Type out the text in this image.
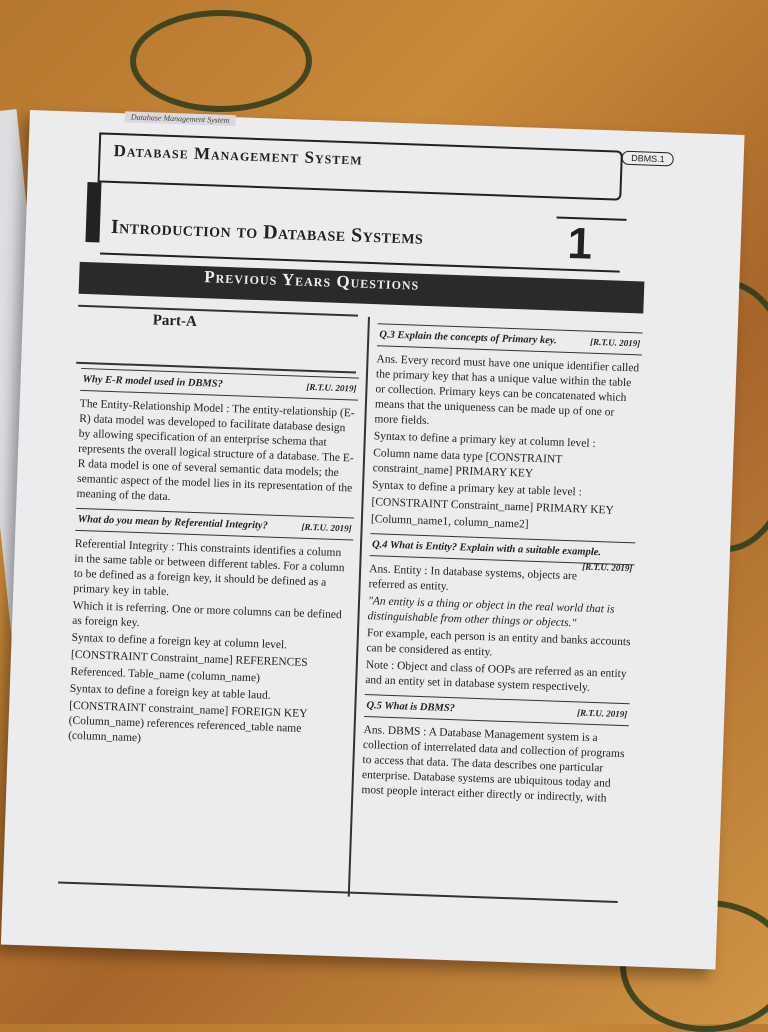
Database Management System
DBMS.1
Database Management System
Introduction to Database Systems	1
Previous Years Questions
Part-A
Why E-R model used in DBMS?	[R.T.U. 2019]

The Entity-Relationship Model : The entity-relationship (E-R) data model was developed to facilitate database design by allowing specification of an enterprise schema that represents the overall logical structure of a database. The E-R data model is one of several semantic data models; the semantic aspect of the model lies in its representation of the meaning of the data.

What do you mean by Referential Integrity?	[R.T.U. 2019]

Referential Integrity : This constraints identifies a column in the same table or between different tables. For a column to be defined as a foreign key, it should be defined as a primary key in table.

Which it is referring. One or more columns can be defined as foreign key.

Syntax to define a foreign key at column level.

[CONSTRAINT Constraint_name] REFERENCES

Referenced. Table_name (column_name)

Syntax to define a foreign key at table laud.

[CONSTRAINT constraint_name] FOREIGN KEY (Column_name) references referenced_table name (column_name)

Q.3 Explain the concepts of Primary key.	[R.T.U. 2019]

Ans. Every record must have one unique identifier called the primary key that has a unique value within the table or collection. Primary keys can be concatenated which means that the uniqueness can be made up of one or more fields.

Syntax to define a primary key at column level :

Column name data type [CONSTRAINT constraint_name] PRIMARY KEY

Syntax to define a primary key at table level :

[CONSTRAINT Constraint_name] PRIMARY KEY

[Column_name1, column_name2]

Q.4 What is Entity? Explain with a suitable example.
[R.T.U. 2019]

Ans. Entity : In database systems, objects are referred as entity.

"An entity is a thing or object in the real world that is distinguishable from other things or objects."

For example, each person is an entity and banks accounts can be considered as entity.

Note : Object and class of OOPs are referred as an entity and an entity set in database system respectively.

Q.5 What is DBMS?	[R.T.U. 2019]

Ans. DBMS : A Database Management system is a collection of interrelated data and collection of programs to access that data. The data describes one particular enterprise. Database systems are ubiquitous today and most people interact either directly or indirectly, with
